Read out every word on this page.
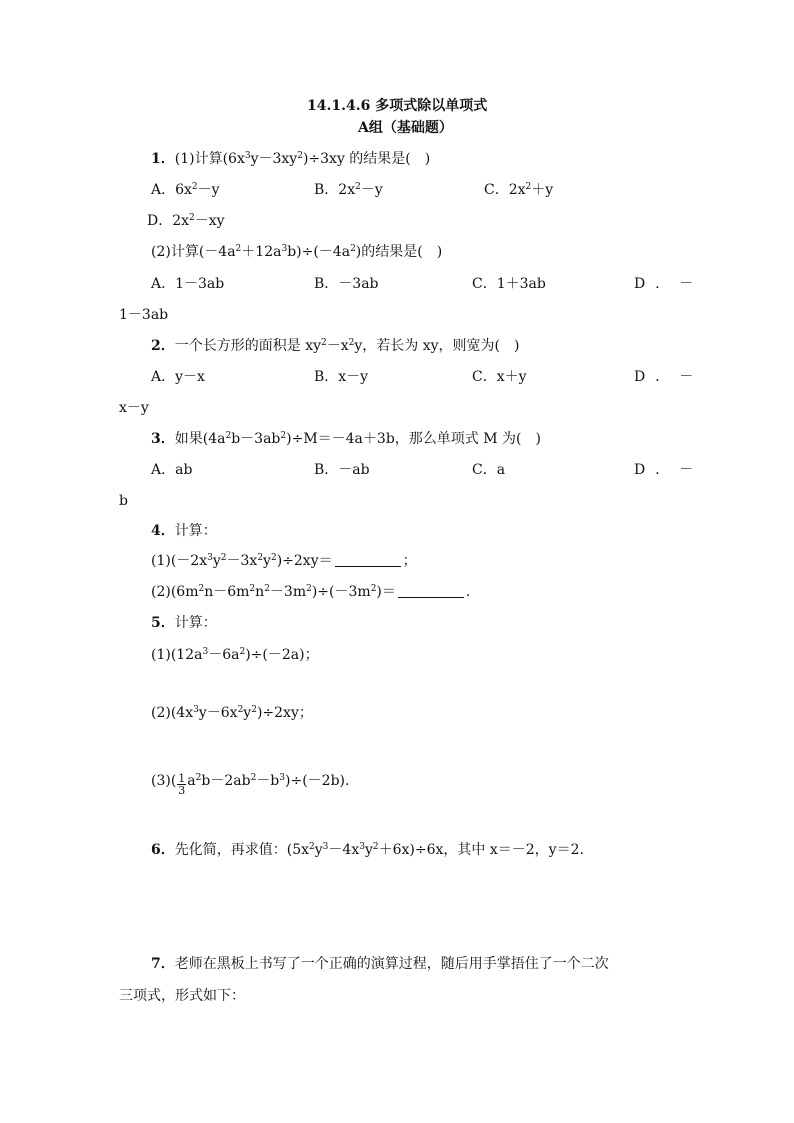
14.1.4.6 多项式除以单项式
A组（基础题）
1．(1)计算$(6x^3y-3xy^2)\div 3xy$ 的结果是(　)
A．$6x^2-y$	B．$2x^2-y$	C．$2x^2+y$
D．$2x^2-xy$
(2)计算$(-4a^2+12a^3b)\div(-4a^2)$的结果是(　)
A．1－3ab	B．－3ab	C．1＋3ab	D．－
1－3ab
2．一个长方形的面积是 $xy^2-x^2y$，若长为 xy，则宽为(　)
A．y－x	B．x－y	C．x＋y	D．－
x－y
3．如果$(4a^2b-3ab^2)\div M=-4a+3b$，那么单项式 M 为(　)
A．ab	B．－ab	C．a	D．－
b
4．计算：
$(1)(-2x^3y^2-3x^2y^2)\div 2xy=$	；
$(2)(6m^2n-6m^2n^2-3m^2)\div(-3m^2)=$	.
5．计算：
$(1)(12a^3-6a^2)\div(-2a)$；
$(2)(4x^3y-6x^2y^2)\div 2xy$；
$(3)( \frac{1}{3} a^2b-2ab^2-b^3)\div(-2b)$.
6．先化简，再求值：$(5x^2y^3-4x^3y^2+6x)\div 6x$，其中 x＝－2，y＝2.
7．老师在黑板上书写了一个正确的演算过程，随后用手掌捂住了一个二次
三项式，形式如下：
